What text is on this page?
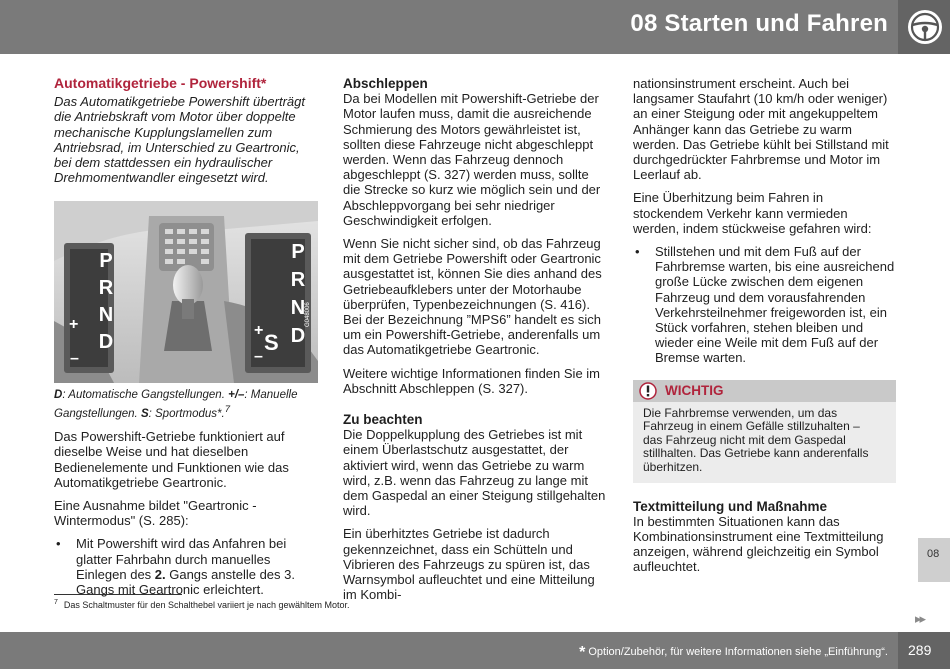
08 Starten und Fahren
Automatikgetriebe - Powershift*

Das Automatikgetriebe Powershift überträgt die Antriebskraft vom Motor über doppelte mechanische Kupplungslamellen zum Antriebsrad, im Unterschied zu Geartronic, bei dem stattdessen ein hydraulischer Drehmomentwandler eingesetzt wird.

P
R
N
D
+
–
P
R
N
D
+
–
S
G048006

D: Automatische Gangstellungen. +/–: Manuelle Gangstellungen. S: Sportmodus*.$^7$

Das Powershift-Getriebe funktioniert auf dieselbe Weise und hat dieselben Bedienelemente und Funktionen wie das Automatikgetriebe Geartronic.

Eine Ausnahme bildet "Geartronic - Wintermodus" (S. 285):

• Mit Powershift wird das Anfahren bei glatter Fahrbahn durch manuelles Einlegen des 2. Gangs anstelle des 3. Gangs mit Geartronic erleichtert.
Abschleppen

Da bei Modellen mit Powershift-Getriebe der Motor laufen muss, damit die ausreichende Schmierung des Motors gewährleistet ist, sollten diese Fahrzeuge nicht abgeschleppt werden. Wenn das Fahrzeug dennoch abgeschleppt (S. 327) werden muss, sollte die Strecke so kurz wie möglich sein und der Abschleppvorgang bei sehr niedriger Geschwindigkeit erfolgen.

Wenn Sie nicht sicher sind, ob das Fahrzeug mit dem Getriebe Powershift oder Geartronic ausgestattet ist, können Sie dies anhand des Getriebeaufklebers unter der Motorhaube überprüfen, Typenbezeichnungen (S. 416). Bei der Bezeichnung ”MPS6” handelt es sich um ein Powershift-Getriebe, anderenfalls um das Automatikgetriebe Geartronic.

Weitere wichtige Informationen finden Sie im Abschnitt Abschleppen (S. 327).

Zu beachten

Die Doppelkupplung des Getriebes ist mit einem Überlastschutz ausgestattet, der aktiviert wird, wenn das Getriebe zu warm wird, z.B. wenn das Fahrzeug zu lange mit dem Gaspedal an einer Steigung stillgehalten wird.

Ein überhitztes Getriebe ist dadurch gekennzeichnet, dass ein Schütteln und Vibrieren des Fahrzeugs zu spüren ist, das Warnsymbol aufleuchtet und eine Mitteilung im Kombi-

nationsinstrument erscheint. Auch bei langsamer Staufahrt (10 km/h oder weniger) an einer Steigung oder mit angekuppeltem Anhänger kann das Getriebe zu warm werden. Das Getriebe kühlt bei Stillstand mit durchgedrückter Fahrbremse und Motor im Leerlauf ab.

Eine Überhitzung beim Fahren in stockendem Verkehr kann vermieden werden, indem stückweise gefahren wird:

• Stillstehen und mit dem Fuß auf der Fahrbremse warten, bis eine ausreichend große Lücke zwischen dem eigenen Fahrzeug und dem vorausfahrenden Verkehrsteilnehmer freigeworden ist, ein Stück vorfahren, stehen bleiben und wieder eine Weile mit dem Fuß auf der Bremse warten.
WICHTIG
Die Fahrbremse verwenden, um das Fahrzeug in einem Gefälle stillzuhalten – das Fahrzeug nicht mit dem Gaspedal stillhalten. Das Getriebe kann anderenfalls überhitzen.
Textmitteilung und Maßnahme

In bestimmten Situationen kann das Kombinationsinstrument eine Textmitteilung anzeigen, während gleichzeitig ein Symbol aufleuchtet.

08
▸▸
$^7$ Das Schaltmuster für den Schalthebel variiert je nach gewähltem Motor.
* Option/Zubehör, für weitere Informationen siehe „Einführung“. 289
